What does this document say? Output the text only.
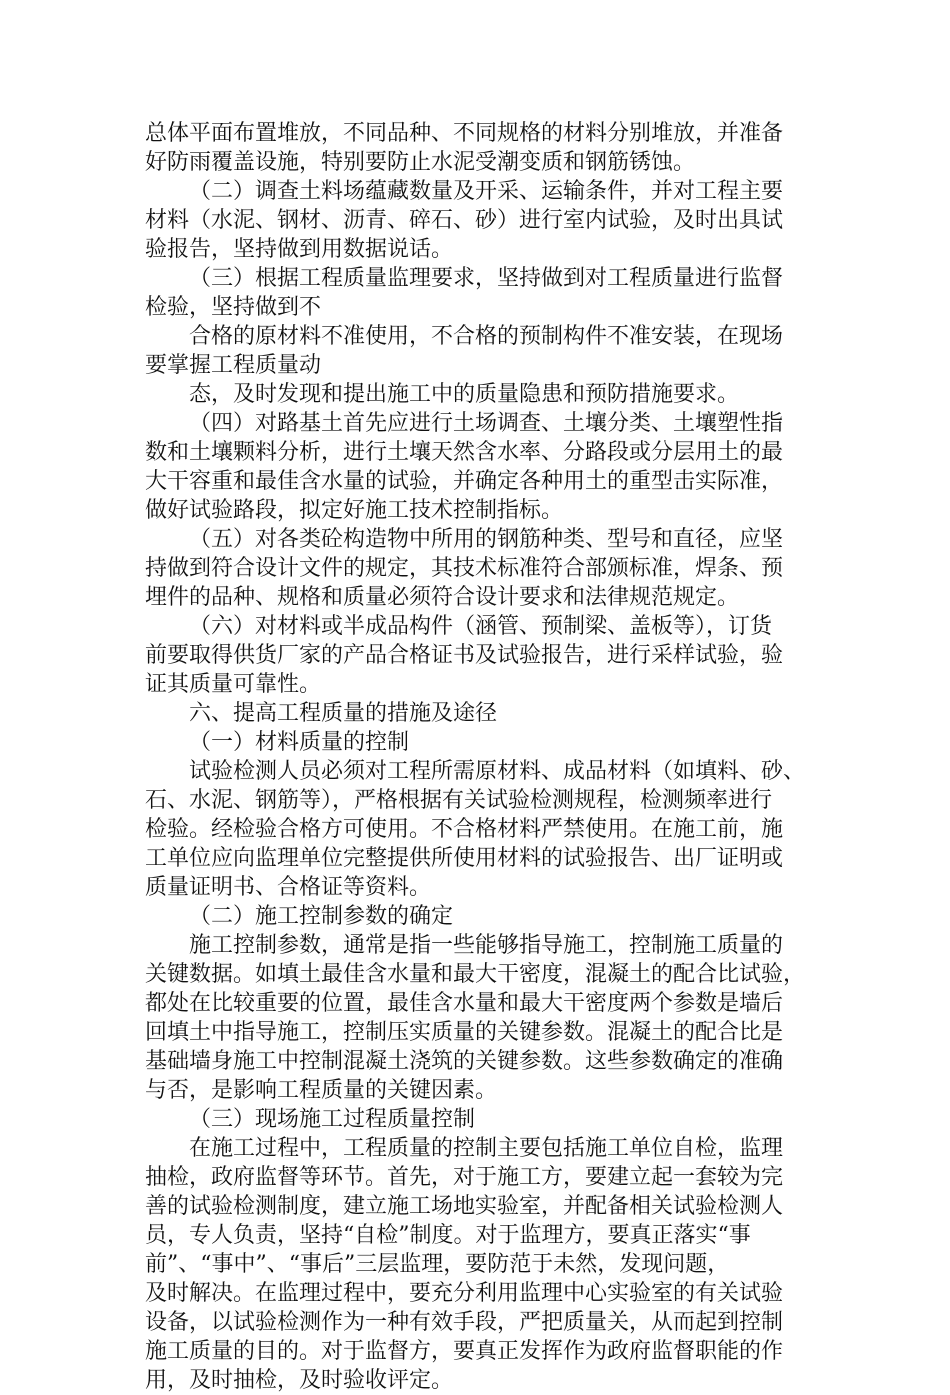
总体平面布置堆放，不同品种、不同规格的材料分别堆放，并准备
好防雨覆盖设施，特别要防止水泥受潮变质和钢筋锈蚀。
（二）调查土料场蕴藏数量及开采、运输条件，并对工程主要
材料（水泥、钢材、沥青、碎石、砂）进行室内试验，及时出具试
验报告，坚持做到用数据说话。
（三）根据工程质量监理要求，坚持做到对工程质量进行监督
检验，坚持做到不
合格的原材料不准使用，不合格的预制构件不准安装，在现场
要掌握工程质量动
态，及时发现和提出施工中的质量隐患和预防措施要求。
（四）对路基土首先应进行土场调查、土壤分类、土壤塑性指
数和土壤颗料分析，进行土壤天然含水率、分路段或分层用土的最
大干容重和最佳含水量的试验，并确定各种用土的重型击实际准，
做好试验路段，拟定好施工技术控制指标。
（五）对各类砼构造物中所用的钢筋种类、型号和直径，应坚
持做到符合设计文件的规定，其技术标准符合部颁标准，焊条、预
埋件的品种、规格和质量必须符合设计要求和法律规范规定。
（六）对材料或半成品构件（涵管、预制梁、盖板等），订货
前要取得供货厂家的产品合格证书及试验报告，进行采样试验，验
证其质量可靠性。
六、提高工程质量的措施及途径
（一）材料质量的控制
试验检测人员必须对工程所需原材料、成品材料（如填料、砂、
石、水泥、钢筋等），严格根据有关试验检测规程，检测频率进行
检验。经检验合格方可使用。不合格材料严禁使用。在施工前，施
工单位应向监理单位完整提供所使用材料的试验报告、出厂证明或
质量证明书、合格证等资料。
（二）施工控制参数的确定
施工控制参数，通常是指一些能够指导施工，控制施工质量的
关键数据。如填土最佳含水量和最大干密度，混凝土的配合比试验，
都处在比较重要的位置，最佳含水量和最大干密度两个参数是墙后
回填土中指导施工，控制压实质量的关键参数。混凝土的配合比是
基础墙身施工中控制混凝土浇筑的关键参数。这些参数确定的准确
与否，是影响工程质量的关键因素。
（三）现场施工过程质量控制
在施工过程中，工程质量的控制主要包括施工单位自检，监理
抽检，政府监督等环节。首先，对于施工方，要建立起一套较为完
善的试验检测制度，建立施工场地实验室，并配备相关试验检测人
员，专人负责，坚持“自检”制度。对于监理方，要真正落实“事
前”、“事中”、“事后”三层监理，要防范于未然，发现问题，
及时解决。在监理过程中，要充分利用监理中心实验室的有关试验
设备，以试验检测作为一种有效手段，严把质量关，从而起到控制
施工质量的目的。对于监督方，要真正发挥作为政府监督职能的作
用，及时抽检，及时验收评定。
